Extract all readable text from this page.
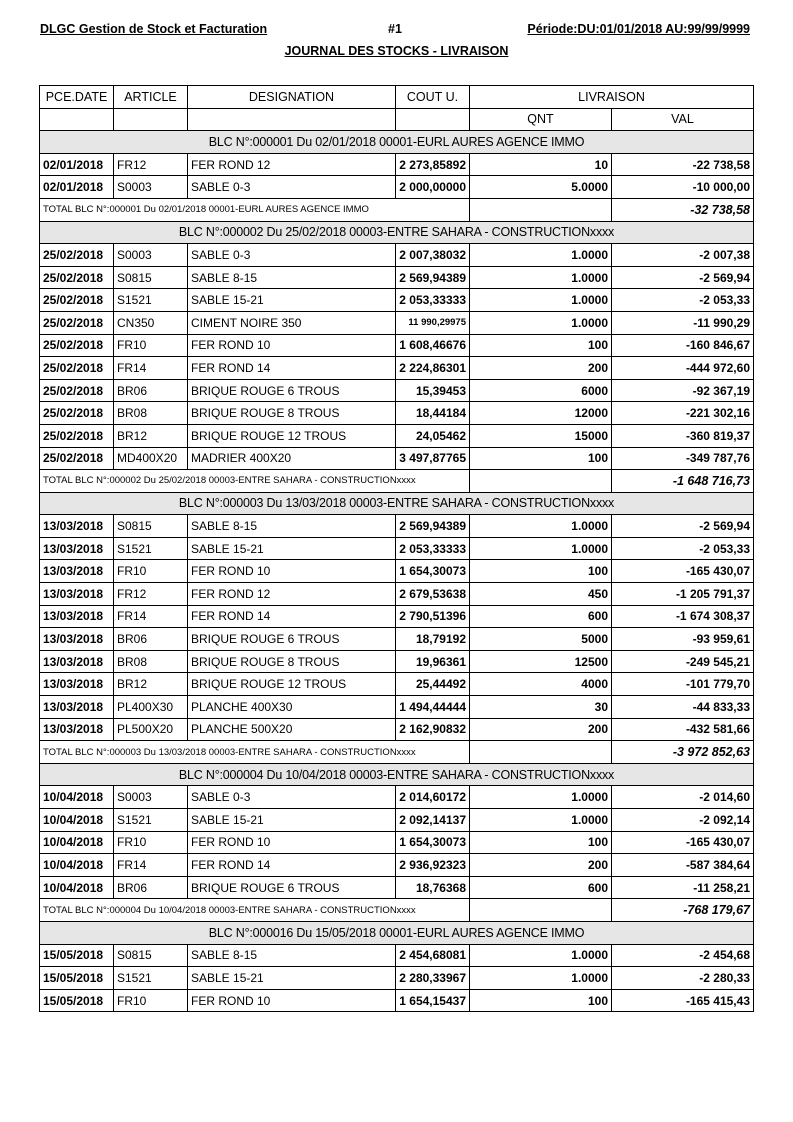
DLGC Gestion de Stock et Facturation	#1	Période:DU:01/01/2018 AU:99/99/9999
JOURNAL DES STOCKS - LIVRAISON
PCE.DATE	ARTICLE	DESIGNATION	COUT U.	LIVRAISON	
				QNT	VAL
BLC N°:000001 Du 02/01/2018 00001-EURL AURES AGENCE IMMO					
02/01/2018	FR12	FER ROND 12	2 273,85892	10	-22 738,58
02/01/2018	S0003	SABLE 0-3	2 000,00000	5.0000	-10 000,00
TOTAL BLC N°:000001 Du 02/01/2018 00001-EURL AURES AGENCE IMMO					-32 738,58
BLC N°:000002 Du 25/02/2018 00003-ENTRE SAHARA - CONSTRUCTIONxxxx					
25/02/2018	S0003	SABLE 0-3	2 007,38032	1.0000	-2 007,38
25/02/2018	S0815	SABLE 8-15	2 569,94389	1.0000	-2 569,94
25/02/2018	S1521	SABLE 15-21	2 053,33333	1.0000	-2 053,33
25/02/2018	CN350	CIMENT NOIRE 350	11 990,29975	1.0000	-11 990,29
25/02/2018	FR10	FER ROND 10	1 608,46676	100	-160 846,67
25/02/2018	FR14	FER ROND 14	2 224,86301	200	-444 972,60
25/02/2018	BR06	BRIQUE ROUGE 6 TROUS	15,39453	6000	-92 367,19
25/02/2018	BR08	BRIQUE ROUGE 8 TROUS	18,44184	12000	-221 302,16
25/02/2018	BR12	BRIQUE ROUGE 12 TROUS	24,05462	15000	-360 819,37
25/02/2018	MD400X20	MADRIER 400X20	3 497,87765	100	-349 787,76
TOTAL BLC N°:000002 Du 25/02/2018 00003-ENTRE SAHARA - CONSTRUCTIONxxxx					-1 648 716,73
BLC N°:000003 Du 13/03/2018 00003-ENTRE SAHARA - CONSTRUCTIONxxxx					
13/03/2018	S0815	SABLE 8-15	2 569,94389	1.0000	-2 569,94
13/03/2018	S1521	SABLE 15-21	2 053,33333	1.0000	-2 053,33
13/03/2018	FR10	FER ROND 10	1 654,30073	100	-165 430,07
13/03/2018	FR12	FER ROND 12	2 679,53638	450	-1 205 791,37
13/03/2018	FR14	FER ROND 14	2 790,51396	600	-1 674 308,37
13/03/2018	BR06	BRIQUE ROUGE 6 TROUS	18,79192	5000	-93 959,61
13/03/2018	BR08	BRIQUE ROUGE 8 TROUS	19,96361	12500	-249 545,21
13/03/2018	BR12	BRIQUE ROUGE 12 TROUS	25,44492	4000	-101 779,70
13/03/2018	PL400X30	PLANCHE 400X30	1 494,44444	30	-44 833,33
13/03/2018	PL500X20	PLANCHE 500X20	2 162,90832	200	-432 581,66
TOTAL BLC N°:000003 Du 13/03/2018 00003-ENTRE SAHARA - CONSTRUCTIONxxxx					-3 972 852,63
BLC N°:000004 Du 10/04/2018 00003-ENTRE SAHARA - CONSTRUCTIONxxxx					
10/04/2018	S0003	SABLE 0-3	2 014,60172	1.0000	-2 014,60
10/04/2018	S1521	SABLE 15-21	2 092,14137	1.0000	-2 092,14
10/04/2018	FR10	FER ROND 10	1 654,30073	100	-165 430,07
10/04/2018	FR14	FER ROND 14	2 936,92323	200	-587 384,64
10/04/2018	BR06	BRIQUE ROUGE 6 TROUS	18,76368	600	-11 258,21
TOTAL BLC N°:000004 Du 10/04/2018 00003-ENTRE SAHARA - CONSTRUCTIONxxxx					-768 179,67
BLC N°:000016 Du 15/05/2018 00001-EURL AURES AGENCE IMMO					
15/05/2018	S0815	SABLE 8-15	2 454,68081	1.0000	-2 454,68
15/05/2018	S1521	SABLE 15-21	2 280,33967	1.0000	-2 280,33
15/05/2018	FR10	FER ROND 10	1 654,15437	100	-165 415,43
